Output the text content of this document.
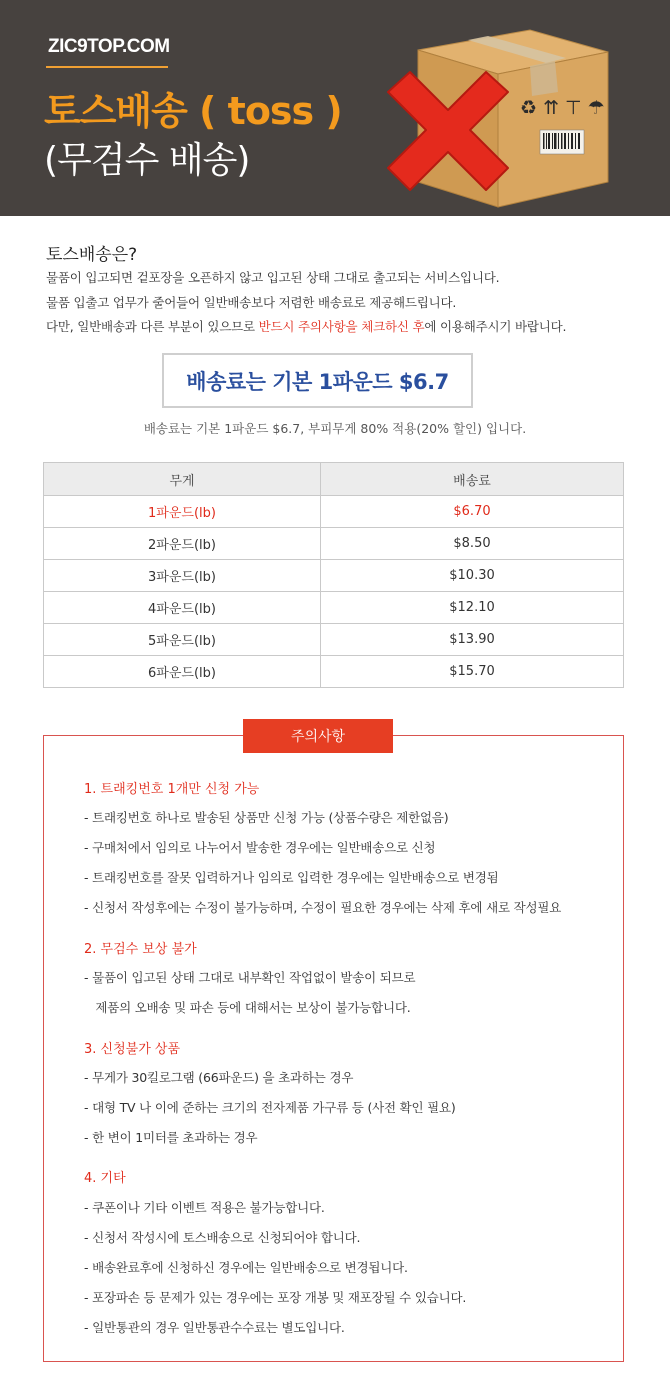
ZIC9TOP.COM
토스배송 ( toss )
(무검수 배송)
♻ ⇈ ⊤ ☂
토스배송은?
물품이 입고되면 겉포장을 오픈하지 않고 입고된 상태 그대로 출고되는 서비스입니다.
물품 입출고 업무가 줄어들어 일반배송보다 저렴한 배송료로 제공해드립니다.
다만, 일반배송과 다른 부분이 있으므로 반드시 주의사항을 체크하신 후에 이용해주시기 바랍니다.
배송료는 기본 1파운드 $6.7
배송료는 기본 1파운드 $6.7, 부피무게 80% 적용(20% 할인) 입니다.
무게	배송료
1파운드(lb)	$6.70
2파운드(lb)	$8.50
3파운드(lb)	$10.30
4파운드(lb)	$12.10
5파운드(lb)	$13.90
6파운드(lb)	$15.70
주의사항
1. 트래킹번호 1개만 신청 가능
- 트래킹번호 하나로 발송된 상품만 신청 가능 (상품수량은 제한없음)
- 구매처에서 임의로 나누어서 발송한 경우에는 일반배송으로 신청
- 트래킹번호를 잘못 입력하거나 임의로 입력한 경우에는 일반배송으로 변경됨
- 신청서 작성후에는 수정이 불가능하며, 수정이 필요한 경우에는 삭제 후에 새로 작성필요
2. 무검수 보상 불가
- 물품이 입고된 상태 그대로 내부확인 작업없이 발송이 되므로
제품의 오배송 및 파손 등에 대해서는 보상이 불가능합니다.
3. 신청불가 상품
- 무게가 30킬로그램 (66파운드) 을 초과하는 경우
- 대형 TV 나 이에 준하는 크기의 전자제품 가구류 등 (사전 확인 필요)
- 한 변이 1미터를 초과하는 경우
4. 기타
- 쿠폰이나 기타 이벤트 적용은 불가능합니다.
- 신청서 작성시에 토스배송으로 신청되어야 합니다.
- 배송완료후에 신청하신 경우에는 일반배송으로 변경됩니다.
- 포장파손 등 문제가 있는 경우에는 포장 개봉 및 재포장될 수 있습니다.
- 일반통관의 경우 일반통관수수료는 별도입니다.
